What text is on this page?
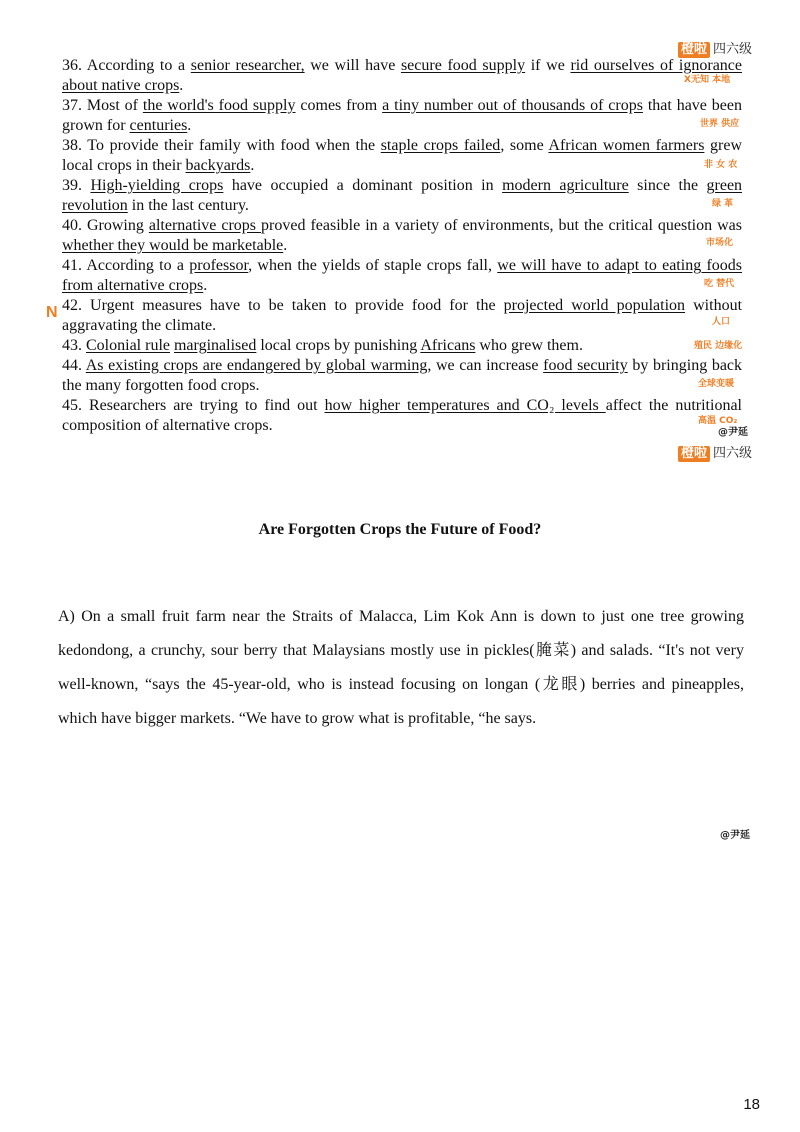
橙啦 四六级
36. According to a senior researcher, we will have secure food supply if we rid ourselves of ignorance about native crops.
37. Most of the world's food supply comes from a tiny number out of thousands of crops that have been grown for centuries.
38. To provide their family with food when the staple crops failed, some African women farmers grew local crops in their backyards.
39. High-yielding crops have occupied a dominant position in modern agriculture since the green revolution in the last century.
40. Growing alternative crops proved feasible in a variety of environments, but the critical question was whether they would be marketable.
41. According to a professor, when the yields of staple crops fall, we will have to adapt to eating foods from alternative crops.
42. Urgent measures have to be taken to provide food for the projected world population without aggravating the climate.
43. Colonial rule marginalised local crops by punishing Africans who grew them.
44. As existing crops are endangered by global warming, we can increase food security by bringing back the many forgotten food crops.
45. Researchers are trying to find out how higher temperatures and CO₂ levels affect the nutritional composition of alternative crops.
X无知 本地
世界 供应
非 女 农
绿 革
市场化
吃 替代
人口
殖民 边缘化
全球变暖
高温 CO₂
N
@尹延
橙啦 四六级
Are Forgotten Crops the Future of Food?
A) On a small fruit farm near the Straits of Malacca, Lim Kok Ann is down to just one tree growing kedondong, a crunchy, sour berry that Malaysians mostly use in pickles(腌菜) and salads. “It's not very well-known, “says the 45-year-old, who is instead focusing on longan (龙眼) berries and pineapples, which have bigger markets. “We have to grow what is profitable, “he says.
@尹延
18
